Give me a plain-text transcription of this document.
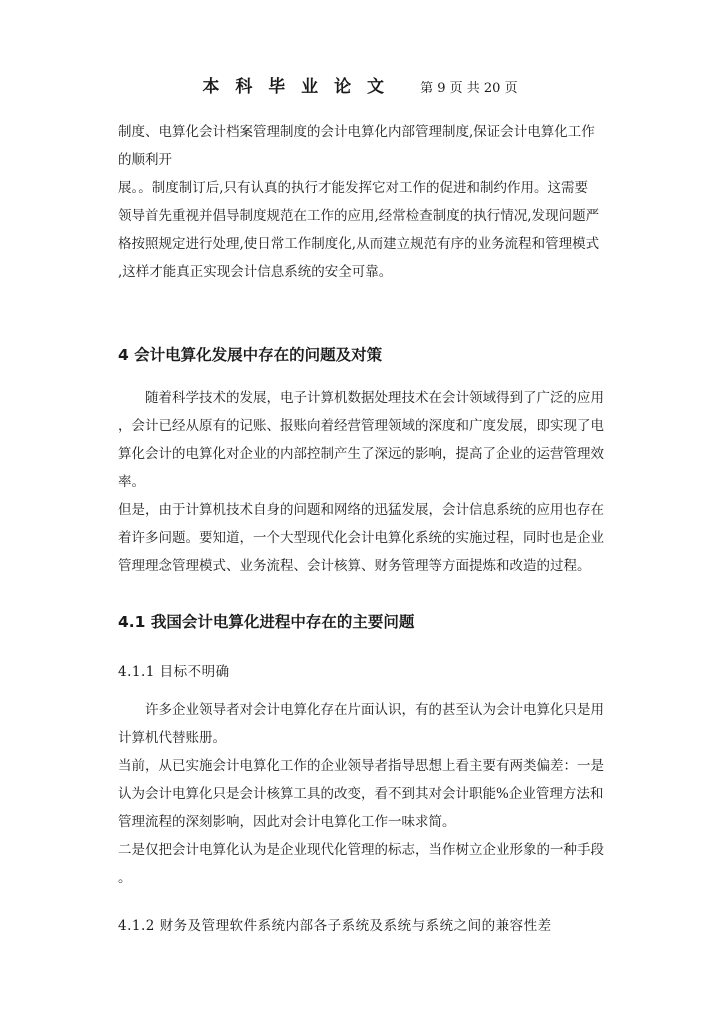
本 科 毕 业 论 文 第 9 页 共 20 页
制度、电算化会计档案管理制度的会计电算化内部管理制度,保证会计电算化工作
的顺利开
展。。制度制订后,只有认真的执行才能发挥它对工作的促进和制约作用。这需要
领导首先重视并倡导制度规范在工作的应用,经常检查制度的执行情况,发现问题严
格按照规定进行处理,使日常工作制度化,从而建立规范有序的业务流程和管理模式
,这样才能真正实现会计信息系统的安全可靠。
4 会计电算化发展中存在的问题及对策
随着科学技术的发展，电子计算机数据处理技术在会计领域得到了广泛的应用
，会计已经从原有的记账、报账向着经营管理领域的深度和广度发展，即实现了电
算化会计的电算化对企业的内部控制产生了深远的影响，提高了企业的运营管理效
率。
但是，由于计算机技术自身的问题和网络的迅猛发展，会计信息系统的应用也存在
着许多问题。要知道，一个大型现代化会计电算化系统的实施过程，同时也是企业
管理理念管理模式、业务流程、会计核算、财务管理等方面提炼和改造的过程。
4.1 我国会计电算化进程中存在的主要问题
4.1.1 目标不明确
许多企业领导者对会计电算化存在片面认识，有的甚至认为会计电算化只是用
计算机代替账册。
当前，从已实施会计电算化工作的企业领导者指导思想上看主要有两类偏差：一是
认为会计电算化只是会计核算工具的改变，看不到其对会计职能%企业管理方法和
管理流程的深刻影响，因此对会计电算化工作一味求简。
二是仅把会计电算化认为是企业现代化管理的标志，当作树立企业形象的一种手段
。
4.1.2 财务及管理软件系统内部各子系统及系统与系统之间的兼容性差
